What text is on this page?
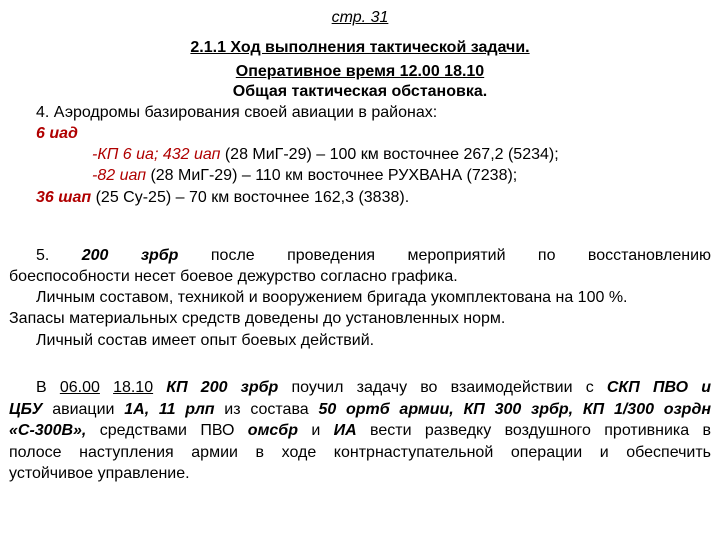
стр. 31
2.1.1 Ход выполнения тактической задачи.
Оперативное время 12.00 18.10
Общая тактическая обстановка.
4. Аэродромы базирования своей авиации в районах:
6 иад
-КП 6 иа; 432 иап (28 МиГ-29) – 100 км восточнее 267,2 (5234);
-82 иап (28 МиГ-29) – 110 км восточнее РУХВАНА (7238);
36 шап (25 Су-25) – 70 км восточнее 162,3 (3838).
5. 200 зрбр после проведения мероприятий по восстановлению
боеспособности несет боевое дежурство согласно графика.
Личным составом, техникой и вооружением бригада укомплектована на 100 %.
Запасы материальных средств доведены до установленных норм.
Личный состав имеет опыт боевых действий.
В 06.00 18.10 КП 200 зрбр поучил задачу во взаимодействии с СКП ПВО и
ЦБУ авиации 1А, 11 рлп из состава 50 ортб армии, КП 300 зрбр, КП 1/300 озрдн
«С-300В», средствами ПВО омсбр и ИА вести разведку воздушного противника в
полосе наступления армии в ходе контрнаступательной операции и обеспечить
устойчивое управление.
